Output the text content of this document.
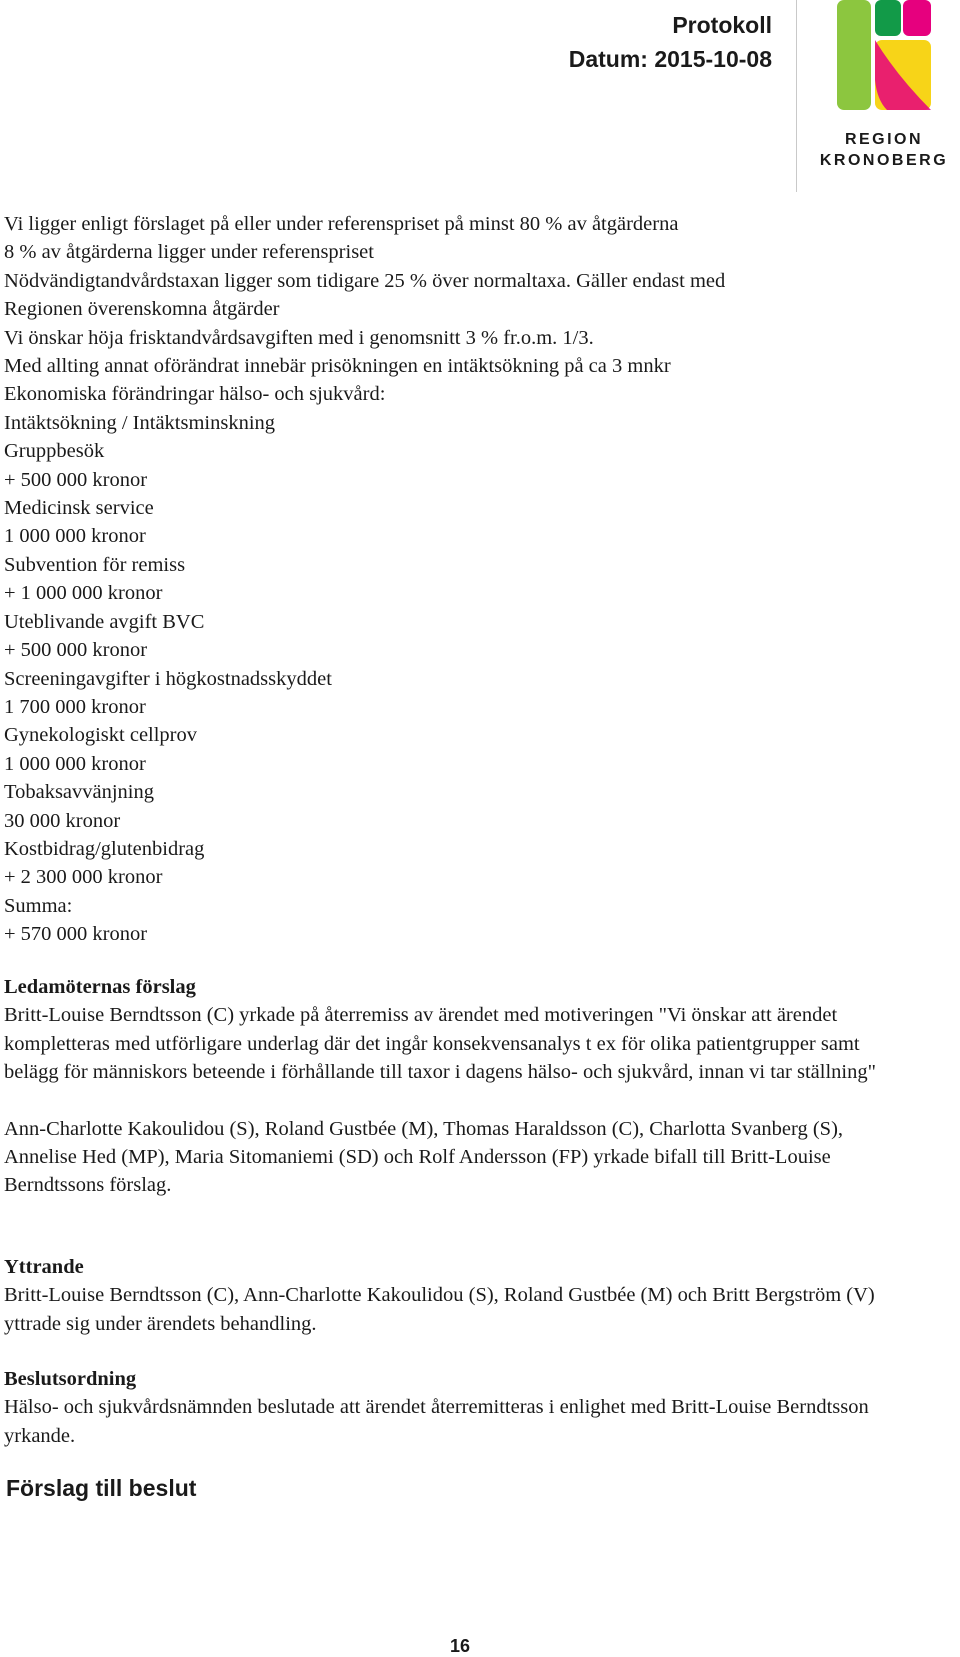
Protokoll
Datum: 2015-10-08
REGION
KRONOBERG

Vi ligger enligt förslaget på eller under referenspriset på minst 80 % av åtgärderna

8 % av åtgärderna ligger under referenspriset

Nödvändigtandvårdstaxan ligger som tidigare 25 % över normaltaxa. Gäller endast med

Regionen överenskomna åtgärder

Vi önskar höja frisktandvårdsavgiften med i genomsnitt 3 % fr.o.m. 1/3.

Med allting annat oförändrat innebär prisökningen en intäktsökning på ca 3 mnkr

Ekonomiska förändringar hälso- och sjukvård:

Intäktsökning / Intäktsminskning

Gruppbesök

+ 500 000 kronor

Medicinsk service

1 000 000 kronor

Subvention för remiss

+ 1 000 000 kronor

Uteblivande avgift BVC

+ 500 000 kronor

Screeningavgifter i högkostnadsskyddet

1 700 000 kronor

Gynekologiskt cellprov

1 000 000 kronor

Tobaksavvänjning

30 000 kronor

Kostbidrag/glutenbidrag

+ 2 300 000 kronor

Summa:

+ 570 000 kronor

Ledamöternas förslag

Britt-Louise Berndtsson (C) yrkade på återremiss av ärendet med motiveringen "Vi önskar att ärendet kompletteras med utförligare underlag där det ingår konsekvensanalys t ex för olika patientgrupper samt belägg för människors beteende i förhållande till taxor i dagens hälso- och sjukvård, innan vi tar ställning"

Ann-Charlotte Kakoulidou (S), Roland Gustbée (M), Thomas Haraldsson (C), Charlotta Svanberg (S), Annelise Hed (MP), Maria Sitomaniemi (SD) och Rolf Andersson (FP) yrkade bifall till Britt-Louise Berndtssons förslag.

Yttrande

Britt-Louise Berndtsson (C), Ann-Charlotte Kakoulidou (S), Roland Gustbée (M) och Britt Bergström (V) yttrade sig under ärendets behandling.

Beslutsordning

Hälso- och sjukvårdsnämnden beslutade att ärendet återremitteras i enlighet med Britt-Louise Berndtsson yrkande.

Förslag till beslut
16
